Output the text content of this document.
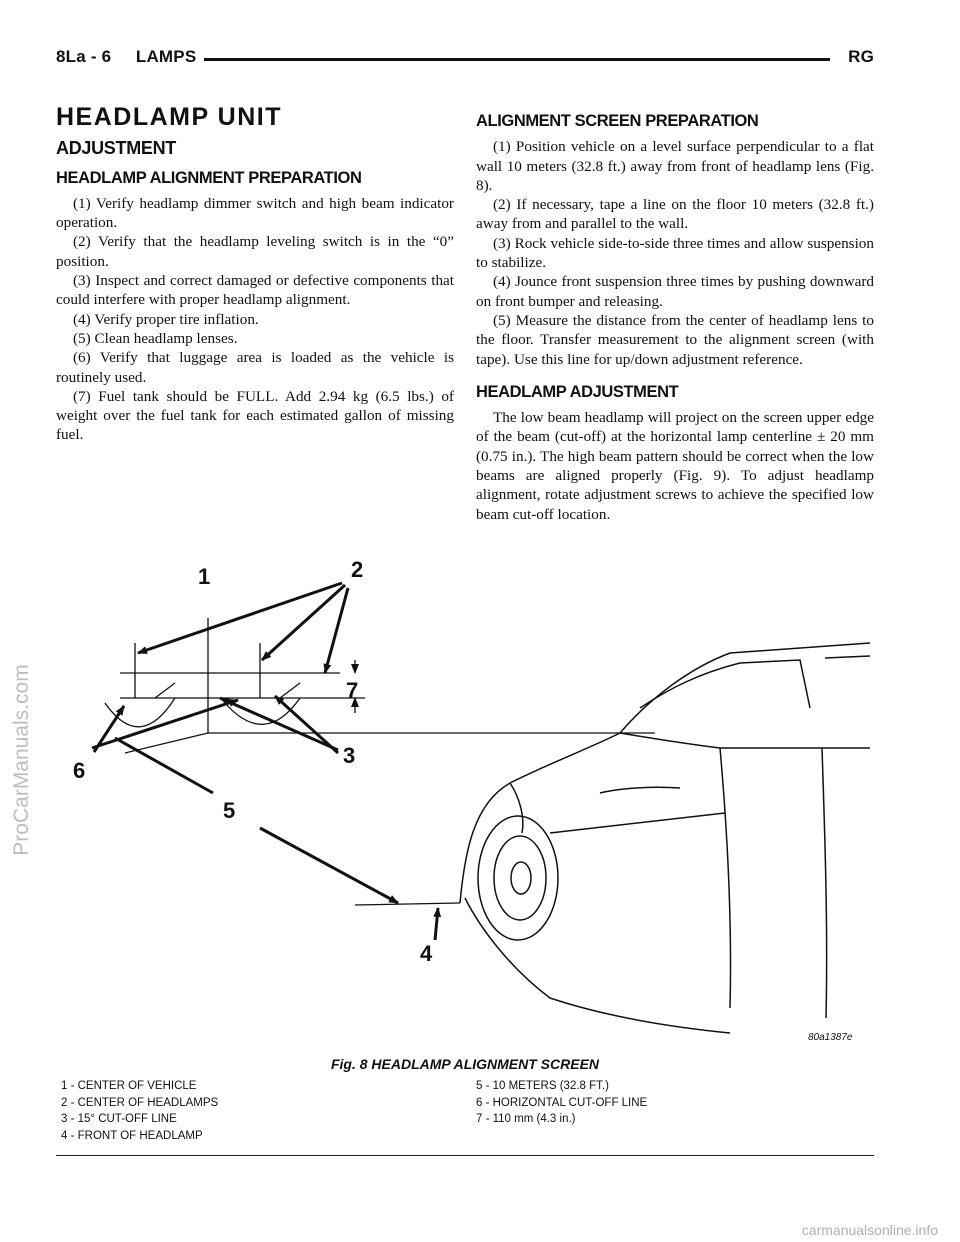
8La - 6     LAMPS	RG
HEADLAMP UNIT
ADJUSTMENT
HEADLAMP ALIGNMENT PREPARATION

(1) Verify headlamp dimmer switch and high beam indicator operation.

(2) Verify that the headlamp leveling switch is in the “0” position.

(3) Inspect and correct damaged or defective components that could interfere with proper headlamp alignment.

(4) Verify proper tire inflation.

(5) Clean headlamp lenses.

(6) Verify that luggage area is loaded as the vehicle is routinely used.

(7) Fuel tank should be FULL. Add 2.94 kg (6.5 lbs.) of weight over the fuel tank for each estimated gallon of missing fuel.

ALIGNMENT SCREEN PREPARATION

(1) Position vehicle on a level surface perpendicular to a flat wall 10 meters (32.8 ft.) away from front of headlamp lens (Fig. 8).

(2) If necessary, tape a line on the floor 10 meters (32.8 ft.) away from and parallel to the wall.

(3) Rock vehicle side-to-side three times and allow suspension to stabilize.

(4) Jounce front suspension three times by pushing downward on front bumper and releasing.

(5) Measure the distance from the center of headlamp lens to the floor. Transfer measurement to the alignment screen (with tape). Use this line for up/down adjustment reference.

HEADLAMP ADJUSTMENT

The low beam headlamp will project on the screen upper edge of the beam (cut-off) at the horizontal lamp centerline ± 20 mm (0.75 in.). The high beam pattern should be correct when the low beams are aligned properly (Fig. 9). To adjust headlamp alignment, rotate adjustment screws to achieve the specified low beam cut-off location.

1	2
3
4
5
6
7
80a1387e
Fig. 8 HEADLAMP ALIGNMENT SCREEN
1 - CENTER OF VEHICLE
2 - CENTER OF HEADLAMPS
3 - 15° CUT-OFF LINE
4 - FRONT OF HEADLAMP
5 - 10 METERS (32.8 FT.)
6 - HORIZONTAL CUT-OFF LINE
7 - 110 mm (4.3 in.)
ProCarManuals.com
carmanualsonline.info
